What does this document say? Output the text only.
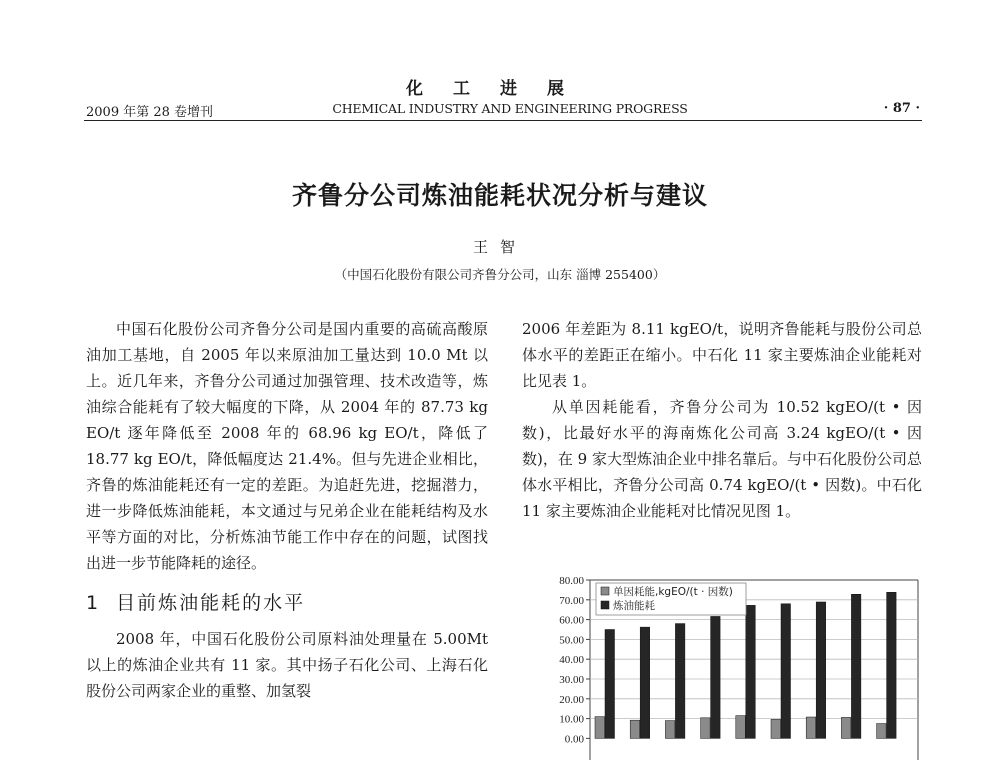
化工进展
2009 年第 28 卷增刊	CHEMICAL INDUSTRY AND ENGINEERING PROGRESS	· 87 ·
齐鲁分公司炼油能耗状况分析与建议
王智
（中国石化股份有限公司齐鲁分公司，山东 淄博 255400）

中国石化股份公司齐鲁分公司是国内重要的高硫高酸原油加工基地，自 2005 年以来原油加工量达到 10.0 Mt 以上。近几年来，齐鲁分公司通过加强管理、技术改造等，炼油综合能耗有了较大幅度的下降，从 2004 年的 87.73 kg EO/t 逐年降低至 2008 年的 68.96 kg EO/t，降低了 18.77 kg EO/t，降低幅度达 21.4%。但与先进企业相比，齐鲁的炼油能耗还有一定的差距。为追赶先进，挖掘潜力，进一步降低炼油能耗，本文通过与兄弟企业在能耗结构及水平等方面的对比，分析炼油节能工作中存在的问题，试图找出进一步节能降耗的途径。

1 目前炼油能耗的水平

2008 年，中国石化股份公司原料油处理量在 5.00Mt 以上的炼油企业共有 11 家。其中扬子石化公司、上海石化股份公司两家企业的重整、加氢裂

2006 年差距为 8.11 kgEO/t，说明齐鲁能耗与股份公司总体水平的差距正在缩小。中石化 11 家主要炼油企业能耗对比见表 1。

从单因耗能看，齐鲁分公司为 10.52 kgEO/(t • 因数)，比最好水平的海南炼化公司高 3.24 kgEO/(t • 因数)，在 9 家大型炼油企业中排名靠后。与中石化股份公司总体水平相比，齐鲁分公司高 0.74 kgEO/(t • 因数)。中石化 11 家主要炼油企业能耗对比情况见图 1。

0.00
10.00
20.00
30.00
40.00
50.00
60.00
70.00
80.00
单因耗能,kgEO/(t · 因数)
炼油能耗
